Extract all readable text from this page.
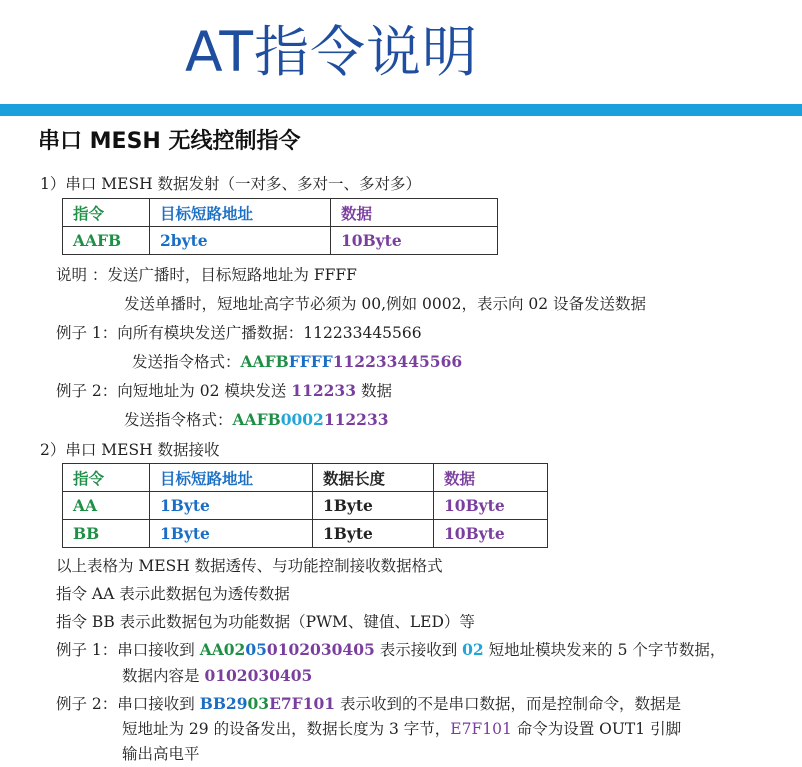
AT指令说明
串口 MESH 无线控制指令
1）串口 MESH 数据发射（一对多、多对一、多对多）
指令	目标短路地址	数据
AAFB	2byte	10Byte
说明 ：发送广播时，目标短路地址为 FFFF
发送单播时，短地址高字节必须为 00,例如 0002，表示向 02 设备发送数据
例子 1：向所有模块发送广播数据：112233445566
发送指令格式：AAFBFFFF112233445566
例子 2：向短地址为 02 模块发送 112233 数据
发送指令格式：AAFB0002112233
2）串口 MESH 数据接收
指令	目标短路地址	数据长度	数据
AA	1Byte	1Byte	10Byte
BB	1Byte	1Byte	10Byte
以上表格为 MESH 数据透传、与功能控制接收数据格式
指令 AA 表示此数据包为透传数据
指令 BB 表示此数据包为功能数据（PWM、键值、LED）等
例子 1：串口接收到 AA02050102030405 表示接收到 02 短地址模块发来的 5 个字节数据，
数据内容是 0102030405
例子 2：串口接收到 BB2903E7F101 表示收到的不是串口数据，而是控制命令，数据是
短地址为 29 的设备发出，数据长度为 3 字节，E7F101 命令为设置 OUT1 引脚
输出高电平
